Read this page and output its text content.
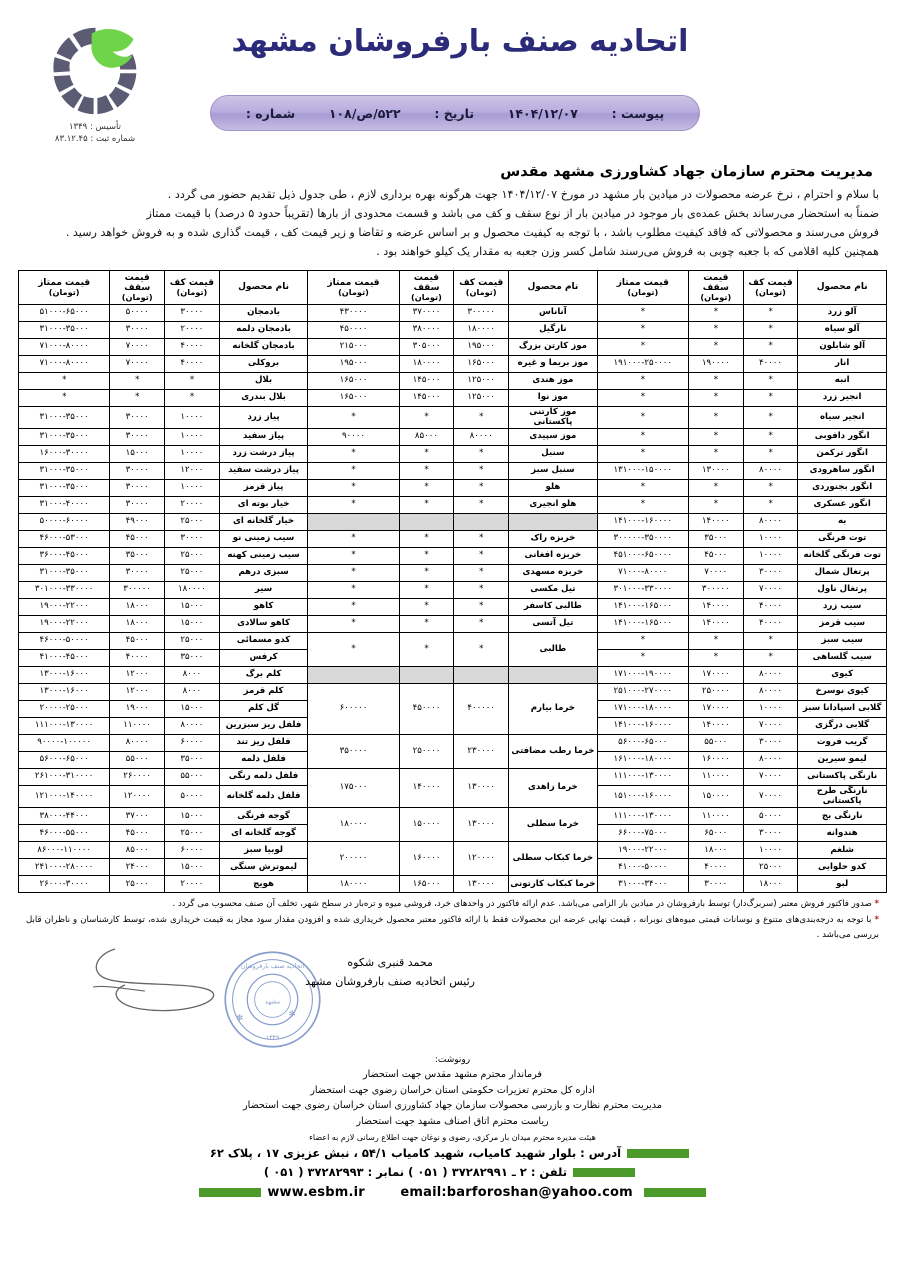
اتحادیه صنف بارفروشان مشهد
پیوست :
۱۴۰۴/۱۲/۰۷
تاریخ :
۵۲۲/ص/۱۰۸
شماره :
تأسیس : ۱۳۴۹
شماره ثبت : ۸۳.۱۲.۴۵
مدیریت محترم سازمان جهاد کشاورزی مشهد مقدس

با سلام و احترام ، نرخ عرضه محصولات در میادین بار مشهد در مورخ ۱۴۰۴/۱۲/۰۷ جهت هرگونه بهره برداری لازم ، طی جدول ذیل تقدیم حضور می گردد .

ضمناً به استحضار می‌رساند بخش عمده‌ی بار موجود در میادین بار از نوع سقف و کف می باشد و قسمت محدودی از بارها (تقریباً حدود ۵ درصد) با قیمت ممتاز

فروش می‌رسند و محصولاتی که فاقد کیفیت مطلوب باشد ، با توجه به کیفیت محصول و بر اساس عرضه و تقاضا و زیر قیمت کف ، قیمت گذاری شده و به فروش خواهد رسید .

همچنین کلیه اقلامی که با جعبه چوبی به فروش می‌رسند شامل کسر وزن جعبه به مقدار یک کیلو خواهند بود .

نام محصول	قیمت کف
(تومان)	قیمت سقف
(تومان)	قیمت ممتاز
(تومان)	نام محصول	قیمت کف
(تومان)	قیمت سقف
(تومان)	قیمت ممتاز
(تومان)	نام محصول	قیمت کف
(تومان)	قیمت سقف
(تومان)	قیمت ممتاز
(تومان)

آلو زرد	*	*	*	آناناس	۳۰۰۰۰۰	۳۷۰۰۰۰	۴۳۰۰۰۰	بادمجان	۳۰۰۰۰	۵۰۰۰۰	۵۱۰۰۰-۶۵۰۰۰
آلو سیاه	*	*	*	نارگیل	۱۸۰۰۰۰	۳۸۰۰۰۰	۴۵۰۰۰۰	بادمجان دلمه	۲۰۰۰۰	۳۰۰۰۰	۳۱۰۰۰-۳۵۰۰۰
آلو شابلون	*	*	*	موز کارتن بزرگ	۱۹۵۰۰۰	۳۰۵۰۰۰	۲۱۵۰۰۰	بادمجان گلخانه	۴۰۰۰۰	۷۰۰۰۰	۷۱۰۰۰-۸۰۰۰۰
انار	۴۰۰۰۰	۱۹۰۰۰۰	۱۹۱۰۰۰-۲۵۰۰۰۰	موز بریما و غیره	۱۶۵۰۰۰	۱۸۰۰۰۰	۱۹۵۰۰۰	بروکلی	۴۰۰۰۰	۷۰۰۰۰	۷۱۰۰۰-۸۰۰۰۰
انبه	*	*	*	موز هندی	۱۲۵۰۰۰	۱۴۵۰۰۰	۱۶۵۰۰۰	بلال	*	*	*
انجیر زرد	*	*	*	موز نوا	۱۲۵۰۰۰	۱۴۵۰۰۰	۱۶۵۰۰۰	بلال بندری	*	*	*
انجیر سیاه	*	*	*	موز کارتنی پاکستانی	*	*	*	پیاز زرد	۱۰۰۰۰	۳۰۰۰۰	۳۱۰۰۰-۳۵۰۰۰
انگور دافوبی	*	*	*	موز سپیدی	۸۰۰۰۰	۸۵۰۰۰	۹۰۰۰۰	پیاز سفید	۱۰۰۰۰	۳۰۰۰۰	۳۱۰۰۰-۳۵۰۰۰
انگور ترکمن	*	*	*	سنبل	*	*	*	پیاز درشت زرد	۱۰۰۰۰	۱۵۰۰۰	۱۶۰۰۰-۳۰۰۰۰
انگور ساهرودی	۸۰۰۰۰	۱۳۰۰۰۰	۱۳۱۰۰۰-۱۵۰۰۰۰	سنبل سبز	*	*	*	پیاز درشت سفید	۱۲۰۰۰	۳۰۰۰۰	۳۱۰۰۰-۳۵۰۰۰
انگور بجنوردی	*	*	*	هلو	*	*	*	پیاز قرمز	۱۰۰۰۰	۳۰۰۰۰	۳۱۰۰۰-۳۵۰۰۰
انگور عسکری	*	*	*	هلو انجیری	*	*	*	خیار بوته ای	۲۰۰۰۰	۳۰۰۰۰	۳۱۰۰۰-۴۰۰۰۰
به	۸۰۰۰۰	۱۴۰۰۰۰	۱۴۱۰۰۰-۱۶۰۰۰۰					خیار گلخانه ای	۲۵۰۰۰	۴۹۰۰۰	۵۰۰۰۰-۶۰۰۰۰
توت فرنگی	۱۰۰۰۰	۳۵۰۰۰	۳۰۰۰۰۰-۳۵۰۰۰۰	خربزه راک	*	*	*	سیب زمینی نو	۳۰۰۰۰	۴۵۰۰۰	۴۶۰۰۰-۵۳۰۰۰
توت فرنگی گلخانه	۱۰۰۰۰	۴۵۰۰۰	۴۵۱۰۰۰-۶۵۰۰۰۰	خربزه افغانی	*	*	*	سیب زمینی کهنه	۲۵۰۰۰	۳۵۰۰۰	۳۶۰۰۰-۴۵۰۰۰
پرتغال شمال	۳۰۰۰۰	۷۰۰۰۰	۷۱۰۰۰-۸۰۰۰۰	خربزه مسهدی	*	*	*	سبزی درهم	۲۵۰۰۰	۳۰۰۰۰	۳۱۰۰۰-۳۵۰۰۰
پرتغال ناول	۷۰۰۰۰	۳۰۰۰۰۰	۳۰۱۰۰۰-۳۳۰۰۰۰	تیل مکسی	*	*	*	سیر	۱۸۰۰۰۰	۳۰۰۰۰۰	۳۰۱۰۰۰-۳۳۰۰۰۰
سیب زرد	۴۰۰۰۰	۱۴۰۰۰۰	۱۴۱۰۰۰-۱۶۵۰۰۰	طالبی کاسفر	*	*	*	کاهو	۱۵۰۰۰	۱۸۰۰۰	۱۹۰۰۰-۲۲۰۰۰
سیب قرمز	۴۰۰۰۰	۱۴۰۰۰۰	۱۴۱۰۰۰-۱۶۵۰۰۰	تیل آتسی	*	*	*	کاهو سالادی	۱۵۰۰۰	۱۸۰۰۰	۱۹۰۰۰-۲۲۰۰۰
سیب سبز	*	*	*	طالبی	*	*	*	کدو مسمائی	۲۵۰۰۰	۴۵۰۰۰	۴۶۰۰۰-۵۰۰۰۰
سیب گلساهی	*	*	*					کرفس	۳۵۰۰۰	۴۰۰۰۰	۴۱۰۰۰-۴۵۰۰۰
کیوی	۸۰۰۰۰	۱۷۰۰۰۰	۱۷۱۰۰۰-۱۹۰۰۰۰					کلم برگ	۸۰۰۰	۱۲۰۰۰	۱۳۰۰۰-۱۶۰۰۰
کیوی نوسرخ	۸۰۰۰۰	۲۵۰۰۰۰	۲۵۱۰۰۰-۲۷۰۰۰۰	خرما بیارم	۴۰۰۰۰۰	۴۵۰۰۰۰	۶۰۰۰۰۰	کلم قرمز	۸۰۰۰	۱۲۰۰۰	۱۳۰۰۰-۱۶۰۰۰
گلابی اسپادانا سبز	۱۰۰۰۰	۱۷۰۰۰۰	۱۷۱۰۰۰-۱۸۰۰۰۰					گل کلم	۱۵۰۰۰	۱۹۰۰۰	۲۰۰۰۰-۲۵۰۰۰
گلابی درگزی	۷۰۰۰۰	۱۴۰۰۰۰	۱۴۱۰۰۰-۱۶۰۰۰۰					فلفل ریز سبزرین	۸۰۰۰۰	۱۱۰۰۰۰	۱۱۱۰۰۰-۱۳۰۰۰۰
گریب فروت	۳۰۰۰۰	۵۵۰۰۰	۵۶۰۰۰-۶۵۰۰۰	خرما رطب مضافتی	۲۳۰۰۰۰	۲۵۰۰۰۰	۳۵۰۰۰۰	فلفل ریز تند	۶۰۰۰۰	۸۰۰۰۰	۹۰۰۰۰-۱۰۰۰۰۰
لیمو سیرین	۸۰۰۰۰	۱۶۰۰۰۰	۱۶۱۰۰۰-۱۸۰۰۰۰					فلفل دلمه	۳۵۰۰۰	۵۵۰۰۰	۵۶۰۰۰-۶۵۰۰۰
نارنگی پاکستانی	۷۰۰۰۰	۱۱۰۰۰۰	۱۱۱۰۰۰-۱۳۰۰۰۰	خرما زاهدی	۱۳۰۰۰۰	۱۴۰۰۰۰	۱۷۵۰۰۰	فلفل دلمه رنگی	۵۵۰۰۰	۲۶۰۰۰۰	۲۶۱۰۰۰-۳۱۰۰۰۰
نارنگی طرح پاکستانی	۷۰۰۰۰	۱۵۰۰۰۰	۱۵۱۰۰۰-۱۶۰۰۰۰					فلفل دلمه گلخانه	۵۰۰۰۰	۱۲۰۰۰۰	۱۲۱۰۰۰-۱۴۰۰۰۰
نارنگی بج	۵۰۰۰۰	۱۱۰۰۰۰	۱۱۱۰۰۰-۱۳۰۰۰۰	خرما سطلی	۱۳۰۰۰۰	۱۵۰۰۰۰	۱۸۰۰۰۰	گوجه فرنگی	۱۵۰۰۰	۳۷۰۰۰	۳۸۰۰۰-۴۴۰۰۰
هندوانه	۳۰۰۰۰	۶۵۰۰۰	۶۶۰۰۰-۷۵۰۰۰					گوجه گلخانه ای	۲۵۰۰۰	۴۵۰۰۰	۴۶۰۰۰-۵۵۰۰۰
شلغم	۱۰۰۰۰	۱۸۰۰۰	۱۹۰۰۰-۲۲۰۰۰	خرما کبکاب سطلی	۱۲۰۰۰۰	۱۶۰۰۰۰	۲۰۰۰۰۰	لوبیا سبز	۶۰۰۰۰	۸۵۰۰۰	۸۶۰۰۰-۱۱۰۰۰۰
کدو حلوایی	۲۵۰۰۰	۴۰۰۰۰	۴۱۰۰۰-۵۰۰۰۰					لیموترش سنگی	۱۵۰۰۰	۲۴۰۰۰	۲۴۱۰۰۰-۲۸۰۰۰۰
لبو	۱۸۰۰۰	۳۰۰۰۰	۳۱۰۰۰-۳۴۰۰۰	خرما کبکاب کارتونی	۱۳۰۰۰۰	۱۶۵۰۰۰	۱۸۰۰۰۰	هویج	۲۰۰۰۰	۲۵۰۰۰	۲۶۰۰۰-۳۰۰۰۰

* صدور فاکتور فروش معتبر (سربرگ‌دار) توسط بارفروشان در میادین بار الزامی می‌باشد. عدم ارائه فاکتور در واحدهای خرد، فروشی میوه و تره‌بار در سطح شهر، تخلف آن صنف محسوب می گردد .

* با توجه به درجه‌بندی‌های متنوع و نوسانات قیمتی میوه‌های نوبرانه ، قیمت نهایی عرضه این محصولات فقط با ارائه فاکتور معتبر محصول خریداری شده و افزودن مقدار سود مجاز به قیمت خریداری شده، توسط کارشناسان و ناظران قابل بررسی می‌باشد .

اتحادیه صنف بارفروشان
مشهد
۱۳۴۹
✻	✻
محمد قنبری شکوه
رئیس اتحادیه صنف بارفروشان مشهد
رونوشت:
فرماندار محترم مشهد مقدس جهت استحضار
اداره کل محترم تعزیرات حکومتی استان خراسان رضوی جهت استحضار
مدیریت محترم نظارت و بازرسی محصولات سازمان جهاد کشاورزی استان خراسان رضوی جهت استحضار
ریاست محترم اتاق اصناف مشهد جهت استحضار
هیئت مدیره محترم میدان بار مرکزی، رضوی و نوغان جهت اطلاع رسانی لازم به اعضاء
آدرس : بلوار شهید کامیاب، شهید کامیاب ۵۴/۱ ، نبش عزیزی ۱۷ ، پلاک ۶۲
تلفن : ۲ ـ ۳۷۲۸۲۹۹۱ ( ۰۵۱ ) نمابر : ۳۷۲۸۲۹۹۳ ( ۰۵۱ )
www.esbm.ir	email:barforoshan@yahoo.com
